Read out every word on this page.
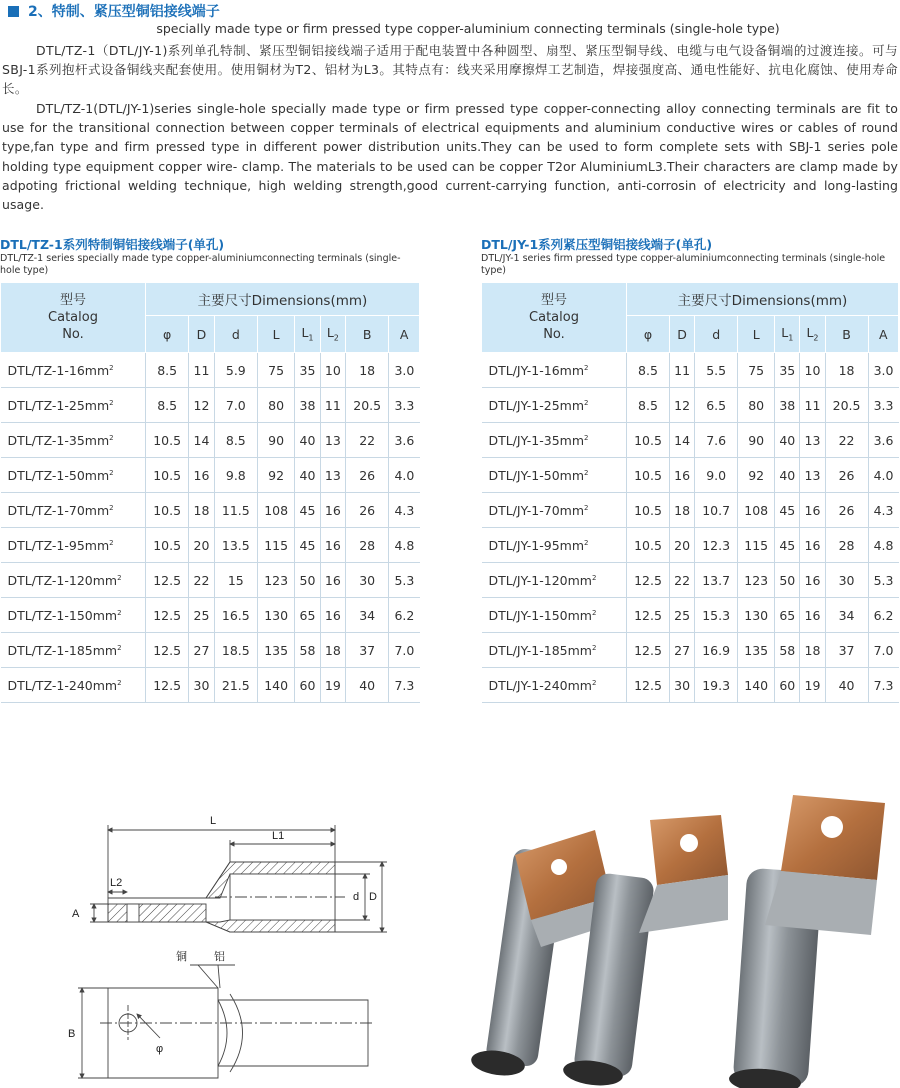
2、特制、紧压型铜铝接线端子
specially made type or firm pressed type copper-aluminium connecting terminals (single-hole type)
DTL/TZ-1（DTL/JY-1)系列单孔特制、紧压型铜铝接线端子适用于配电装置中各种圆型、扇型、紧压型铜导线、电缆与电气设备铜端的过渡连接。可与SBJ-1系列抱杆式设备铜线夹配套使用。使用铜材为T2、铝材为L3。其特点有：线夹采用摩擦焊工艺制造，焊接强度高、通电性能好、抗电化腐蚀、使用寿命长。
DTL/TZ-1(DTL/JY-1)series single-hole specially made type or firm pressed type copper-connecting alloy connecting terminals are fit to use for the transitional connection between copper terminals of electrical equipments and aluminium conductive wires or cables of round type,fan type and firm pressed type in different power distribution units.They can be used to form complete sets with SBJ-1 series pole holding type equipment copper wire- clamp. The materials to be used can be copper T2or AluminiumL3.Their characters are clamp made by adpoting frictional welding technique, high welding strength,good current-carrying function, anti-corrosin of electricity and long-lasting usage.
DTL/TZ-1系列特制铜铝接线端子(单孔)
DTL/TZ-1 series specially made type copper-aluminiumconnecting terminals (single-hole type)
型号
Catalog
No.	主要尺寸Dimensions(mm)							
	φ	D	d	L	$L_1$	$L_2$	B	A
DTL/$TZ-1-16mm^2$	8.5	11	5.9	75	35	10	18	3.0
DTL/$TZ-1-25mm^2$	8.5	12	7.0	80	38	11	20.5	3.3
DTL/$TZ-1-35mm^2$	10.5	14	8.5	90	40	13	22	3.6
DTL/$TZ-1-50mm^2$	10.5	16	9.8	92	40	13	26	4.0
DTL/$TZ-1-70mm^2$	10.5	18	11.5	108	45	16	26	4.3
DTL/$TZ-1-95mm^2$	10.5	20	13.5	115	45	16	28	4.8
DTL/$TZ-1-120mm^2$	12.5	22	15	123	50	16	30	5.3
DTL/$TZ-1-150mm^2$	12.5	25	16.5	130	65	16	34	6.2
DTL/$TZ-1-185mm^2$	12.5	27	18.5	135	58	18	37	7.0
DTL/$TZ-1-240mm^2$	12.5	30	21.5	140	60	19	40	7.3
DTL/JY-1系列紧压型铜铝接线端子(单孔)
DTL/JY-1 series firm pressed type copper-aluminiumconnecting terminals (single-hole type)
型号
Catalog
No.	主要尺寸Dimensions(mm)							
	φ	D	d	L	$L_1$	$L_2$	B	A
DTL/$JY-1-16mm^2$	8.5	11	5.5	75	35	10	18	3.0
DTL/$JY-1-25mm^2$	8.5	12	6.5	80	38	11	20.5	3.3
DTL/$JY-1-35mm^2$	10.5	14	7.6	90	40	13	22	3.6
DTL/$JY-1-50mm^2$	10.5	16	9.0	92	40	13	26	4.0
DTL/$JY-1-70mm^2$	10.5	18	10.7	108	45	16	26	4.3
DTL/$JY-1-95mm^2$	10.5	20	12.3	115	45	16	28	4.8
DTL/$JY-1-120mm^2$	12.5	22	13.7	123	50	16	30	5.3
DTL/$JY-1-150mm^2$	12.5	25	15.3	130	65	16	34	6.2
DTL/$JY-1-185mm^2$	12.5	27	16.9	135	58	18	37	7.0
DTL/$JY-1-240mm^2$	12.5	30	19.3	140	60	19	40	7.3
L
L1
L2
A
d D
B
φ
铜 铝
